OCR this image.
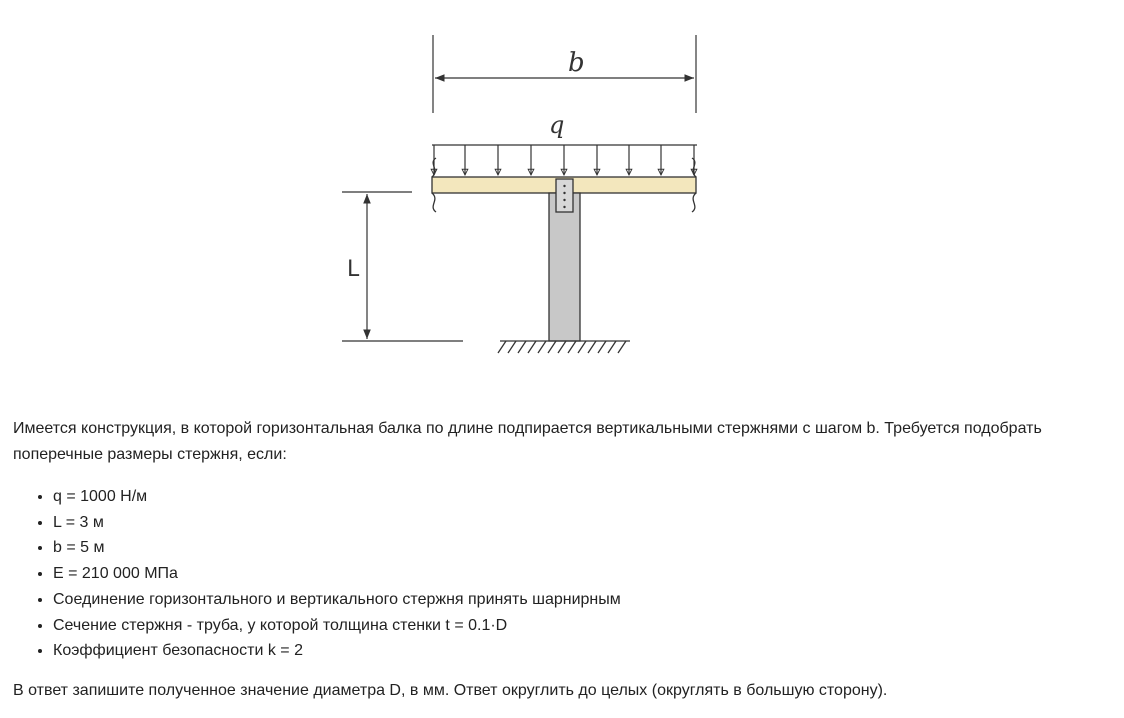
b
q
L
Имеется конструкция, в которой горизонтальная балка по длине подпирается вертикальными стержнями с шагом b. Требуется подобрать поперечные размеры стержня, если:
• q = 1000 Н/м
• L = 3 м
• b = 5 м
• E = 210 000 МПа
• Соединение горизонтального и вертикального стержня принять шарнирным
• Сечение стержня - труба, у которой толщина стенки t = 0.1·D
• Коэффициент безопасности k = 2
В ответ запишите полученное значение диаметра D, в мм. Ответ округлить до целых (округлять в большую сторону).
